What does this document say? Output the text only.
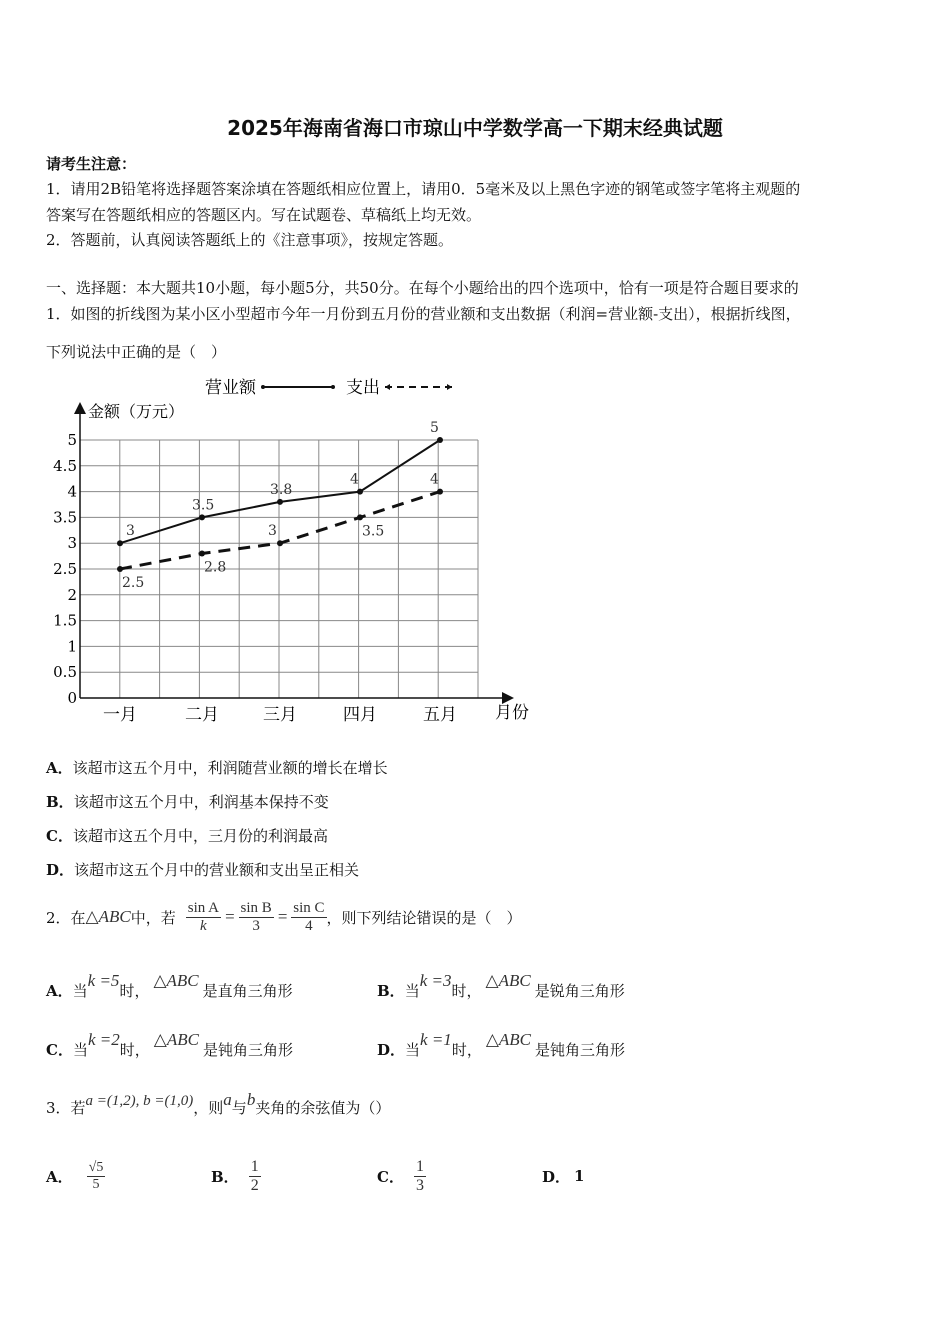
2025年海南省海口市琼山中学数学高一下期末经典试题
请考生注意：
1．请用2B铅笔将选择题答案涂填在答题纸相应位置上，请用0．5毫米及以上黑色字迹的钢笔或签字笔将主观题的
答案写在答题纸相应的答题区内。写在试题卷、草稿纸上均无效。
2．答题前，认真阅读答题纸上的《注意事项》，按规定答题。
一、选择题：本大题共10小题，每小题5分，共50分。在每个小题给出的四个选项中，恰有一项是符合题目要求的
1．如图的折线图为某小区小型超市今年一月份到五月份的营业额和支出数据（利润=营业额-支出），根据折线图，
下列说法中正确的是（　）
营业额	支出
金额（万元）
0
0.5
1
1.5
2
2.5
3
3.5
4
4.5
5
一月	二月	三月	四月	五月
3
3.5
3.8
4
5
2.5
2.8
3	3.5
4
月份
A．该超市这五个月中，利润随营业额的增长在增长
B．该超市这五个月中，利润基本保持不变
C．该超市这五个月中，三月份的利润最高
D．该超市这五个月中的营业额和支出呈正相关
2．在 △ABC 中，若 $\frac{\text{sin A}}{k} = \frac{\text{sin B}}{3} = \frac{\text{sin C}}{4}$ ，则下列结论错误的是（　）
A．当k =5时，△ABC是直角三角形	B．当k =3时，△ABC是锐角三角形
C．当k =2时，△ABC是钝角三角形	D．当k =1时，△ABC是钝角三角形
3．若a =(1,2), b =(1,0)，则a与b夹角的余弦值为（）
A． $\frac{√5}{5}$	B． $\frac{1}{2}$	C． $\frac{1}{3}$	D． 1
